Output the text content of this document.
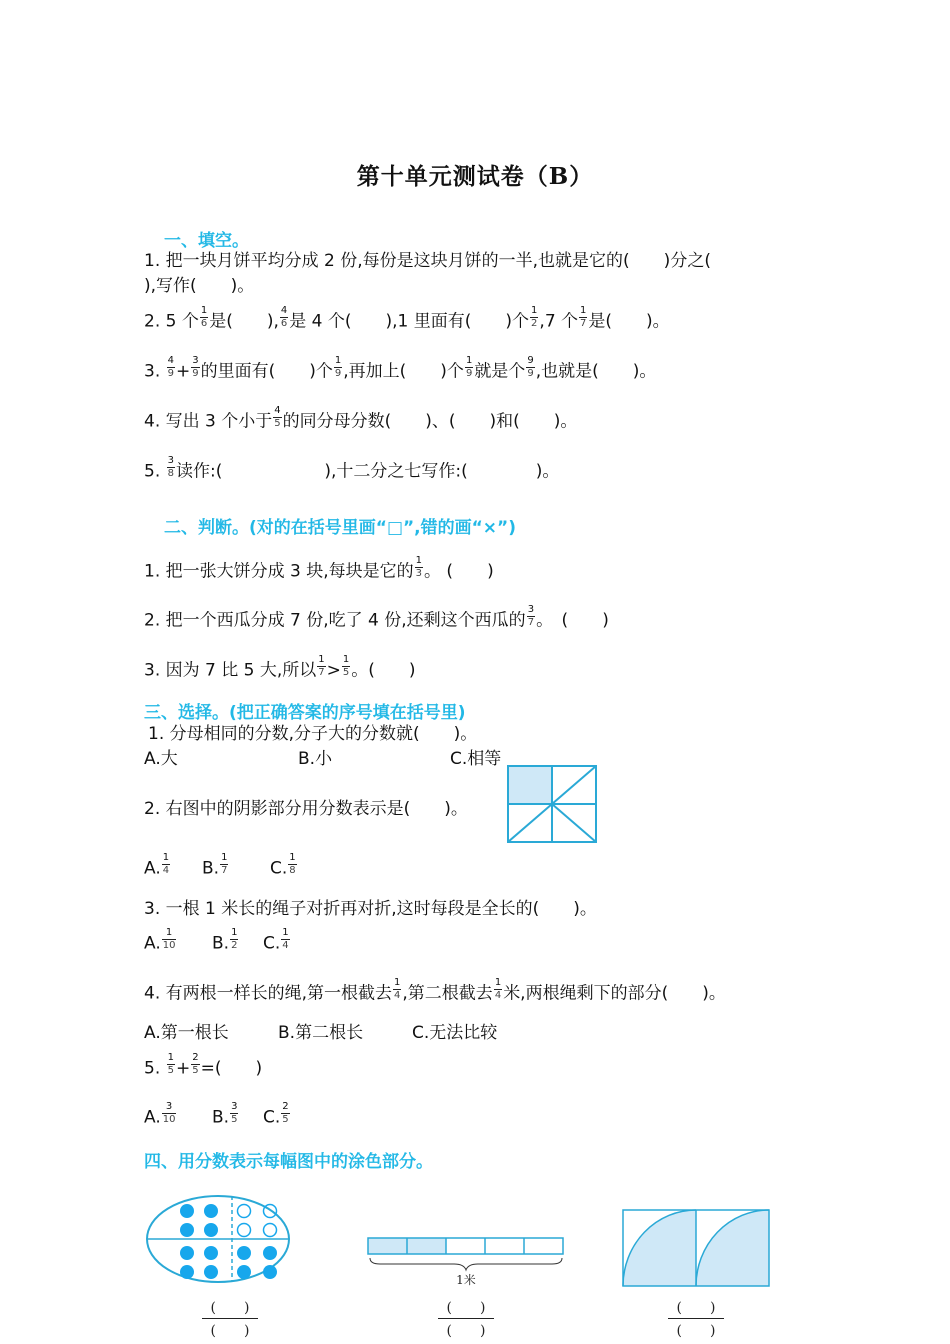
第十单元测试卷（B）
一、填空。
1. 把一块月饼平均分成 2 份,每份是这块月饼的一半,也就是它的(　　)分之(
),写作(　　)。
2. 5 个 $\frac{1}{6}$ 是(　　), $\frac{4}{6}$ 是 4 个(　　),1 里面有(　　)个 $\frac{1}{2} ,7$ 个 $\frac{1}{7}$ 是(　　)。
3. $\frac{4}{9} + \frac{3}{9}$ 的里面有(　　)个 $\frac{1}{9}$ ,再加上(　　)个 $\frac{1}{9}$ 就是个 $\frac{9}{9}$ ,也就是(　　)。
4. 写出 3 个小于 $\frac{4}{5}$ 的同分母分数(　　)、(　　)和(　　)。
5. $\frac{3}{8}$ 读作:(　　　　　　),十二分之七写作:(　　　　)。
二、判断。(对的在括号里画“□”,错的画“×”)
1. 把一张大饼分成 3 块,每块是它的 $\frac{1}{3}$ 。 (　　)
2. 把一个西瓜分成 7 份,吃了 4 份,还剩这个西瓜的 $\frac{3}{7}$ 。　(　　)
3. 因为 7 比 5 大,所以 $\frac{1}{7} > \frac{1}{5}$ 。(　　)
三、选择。(把正确答案的序号填在括号里)
1. 分母相同的分数,分子大的分数就(　　)。
A.大	B.小	C.相等
2. 右图中的阴影部分用分数表示是(　　)。
A. $\frac{1}{4} B$. $\frac{1}{7} C$. $\frac{1}{8}$
3. 一根 1 米长的绳子对折再对折,这时每段是全长的(　　)。
A. $\frac{1}{10} B$. $\frac{1}{2} C$. $\frac{1}{4}$
4. 有两根一样长的绳,第一根截去 $\frac{1}{4}$ ,第二根截去 $\frac{1}{4}$ 米,两根绳剩下的部分(　　)。
A.第一根长	B.第二根长	C.无法比较
5. $\frac{1}{5} + \frac{2}{5}$ =(　　)
A. $\frac{3}{10} B$. $\frac{3}{5} C$. $\frac{2}{5}$
四、用分数表示每幅图中的涂色部分。
1米
(　　)
(　　)
(　　)
(　　)
(　　)
(　　)
